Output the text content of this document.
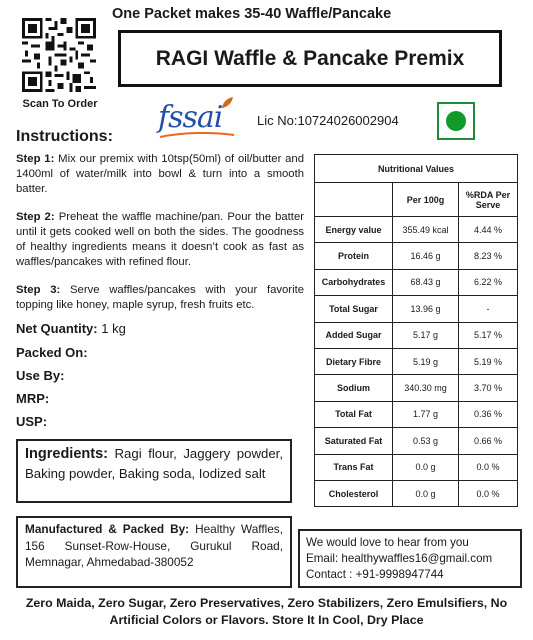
Scan To Order
One Packet makes 35-40 Waffle/Pancake
RAGI Waffle & Pancake Premix
fssai	Lic No:10724026002904
Instructions:
Step 1: Mix our premix with 10tsp(50ml) of oil/butter and 1400ml of water/milk into bowl & turn into a smooth batter.
Step 2: Preheat the waffle machine/pan. Pour the batter until it gets cooked well on both the sides. The goodness of healthy ingredients means it doesn’t cook as fast as waffles/pancakes with refined flour.
Step 3: Serve waffles/pancakes with your favorite topping like honey, maple syrup, fresh fruits etc.
Net Quantity: 1 kg
Packed On:
Use By:
MRP:
USP:
Ingredients: Ragi flour, Jaggery powder, Baking powder, Baking soda, Iodized salt
Manufactured & Packed By: Healthy Waffles, 156 Sunset-Row-House, Gurukul Road, Memnagar, Ahmedabad-380052
We would love to hear from you
Email: healthywaffles16@gmail.com
Contact : +91-9998947744
Zero Maida, Zero Sugar, Zero Preservatives, Zero Stabilizers, Zero Emulsifiers, No Artificial Colors or Flavors. Store It In Cool, Dry Place
Nutritional Values		
	Per 100g	%RDA Per Serve
Energy value	355.49 kcal	4.44 %
Protein	16.46 g	8.23 %
Carbohydrates	68.43 g	6.22 %
Total Sugar	13.96 g	-
Added Sugar	5.17 g	5.17 %
Dietary Fibre	5.19 g	5.19 %
Sodium	340.30 mg	3.70 %
Total Fat	1.77 g	0.36 %
Saturated Fat	0.53 g	0.66 %
Trans Fat	0.0 g	0.0 %
Cholesterol	0.0 g	0.0 %
